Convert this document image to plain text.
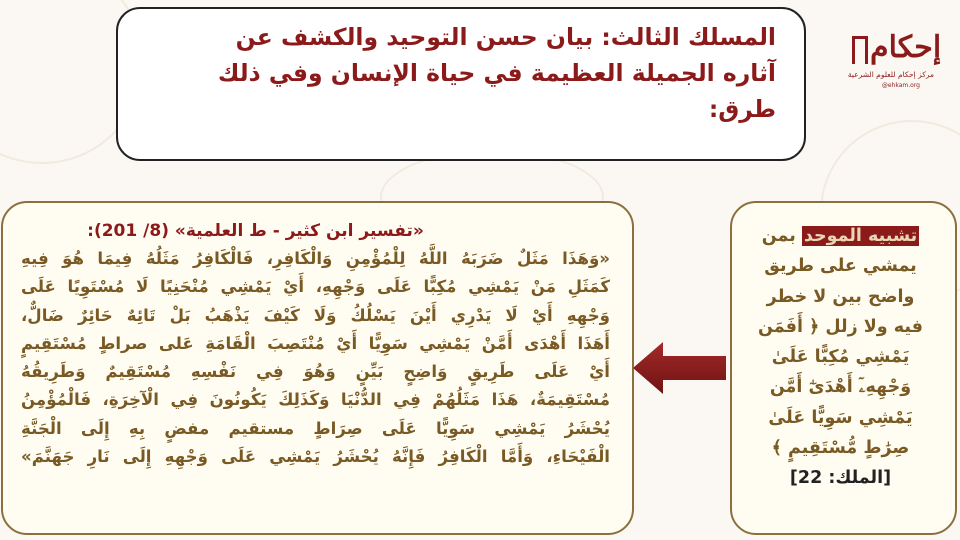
المسلك الثالث: بيان حسن التوحيد والكشف عن
آثاره الجميلة العظيمة في حياة الإنسان وفي ذلك
طرق:
إحكام
مركز إحكام للعلوم الشرعية
@ehkam.org
«تفسير ابن كثير - ط العلمية» (8/ 201):
«وَهَذَا مَثَلٌ ضَرَبَهُ اللَّهُ لِلْمُؤْمِنِ وَالْكَافِرِ، فَالْكَافِرُ مَثَلُهُ فِيمَا هُوَ فِيهِ
كَمَثَلِ مَنْ يَمْشِي مُكِبًّا عَلَى وَجْهِهِ، أَيْ يَمْشِي مُنْحَنِيًا لَا مُسْتَوِيًا عَلَى
وَجْهِهِ أَيْ لَا يَدْرِي أَيْنَ يَسْلُكُ وَلَا كَيْفَ يَذْهَبُ بَلْ تَائِهٌ حَائِرٌ ضَالٌّ،
أَهَذَا أَهْدَى أَمَّنْ يَمْشِي سَوِيًّا أَيْ مُنْتَصِبَ الْقَامَةِ عَلى صراطٍ مُسْتَقِيمٍ
أَيْ عَلَى طَرِيقٍ وَاضِحٍ بَيِّنٍ وَهُوَ فِي نَفْسِهِ مُسْتَقِيمٌ وَطَرِيقُهُ
مُسْتَقِيمَةٌ، هَذَا مَثَلُهُمْ فِي الدُّنْيَا وَكَذَلِكَ يَكُونُونَ فِي الْآخِرَةِ، فَالْمُؤْمِنُ
يُحْشَرُ يَمْشِي سَوِيًّا عَلَى صِرَاطٍ مستقيم مفضٍ بِهِ إِلَى الْجَنَّةِ
الْفَيْحَاءِ، وَأَمَّا الْكَافِرُ فَإِنَّهُ يُحْشَرُ يَمْشِي عَلَى وَجْهِهِ إِلَى نَارِ جَهَنَّمَ»
تشبيه الموحد بمن
يمشي على طريق
واضح بين لا خطر
فيه ولا زلل ﴿ أَفَمَن
يَمْشِي مُكِبًّا عَلَىٰ
وَجْهِهِۦٓ أَهْدَىٰٓ أَمَّن
يَمْشِي سَوِيًّا عَلَىٰ
صِرَٰطٍ مُّسْتَقِيمٍ ﴾
[الملك: 22]
